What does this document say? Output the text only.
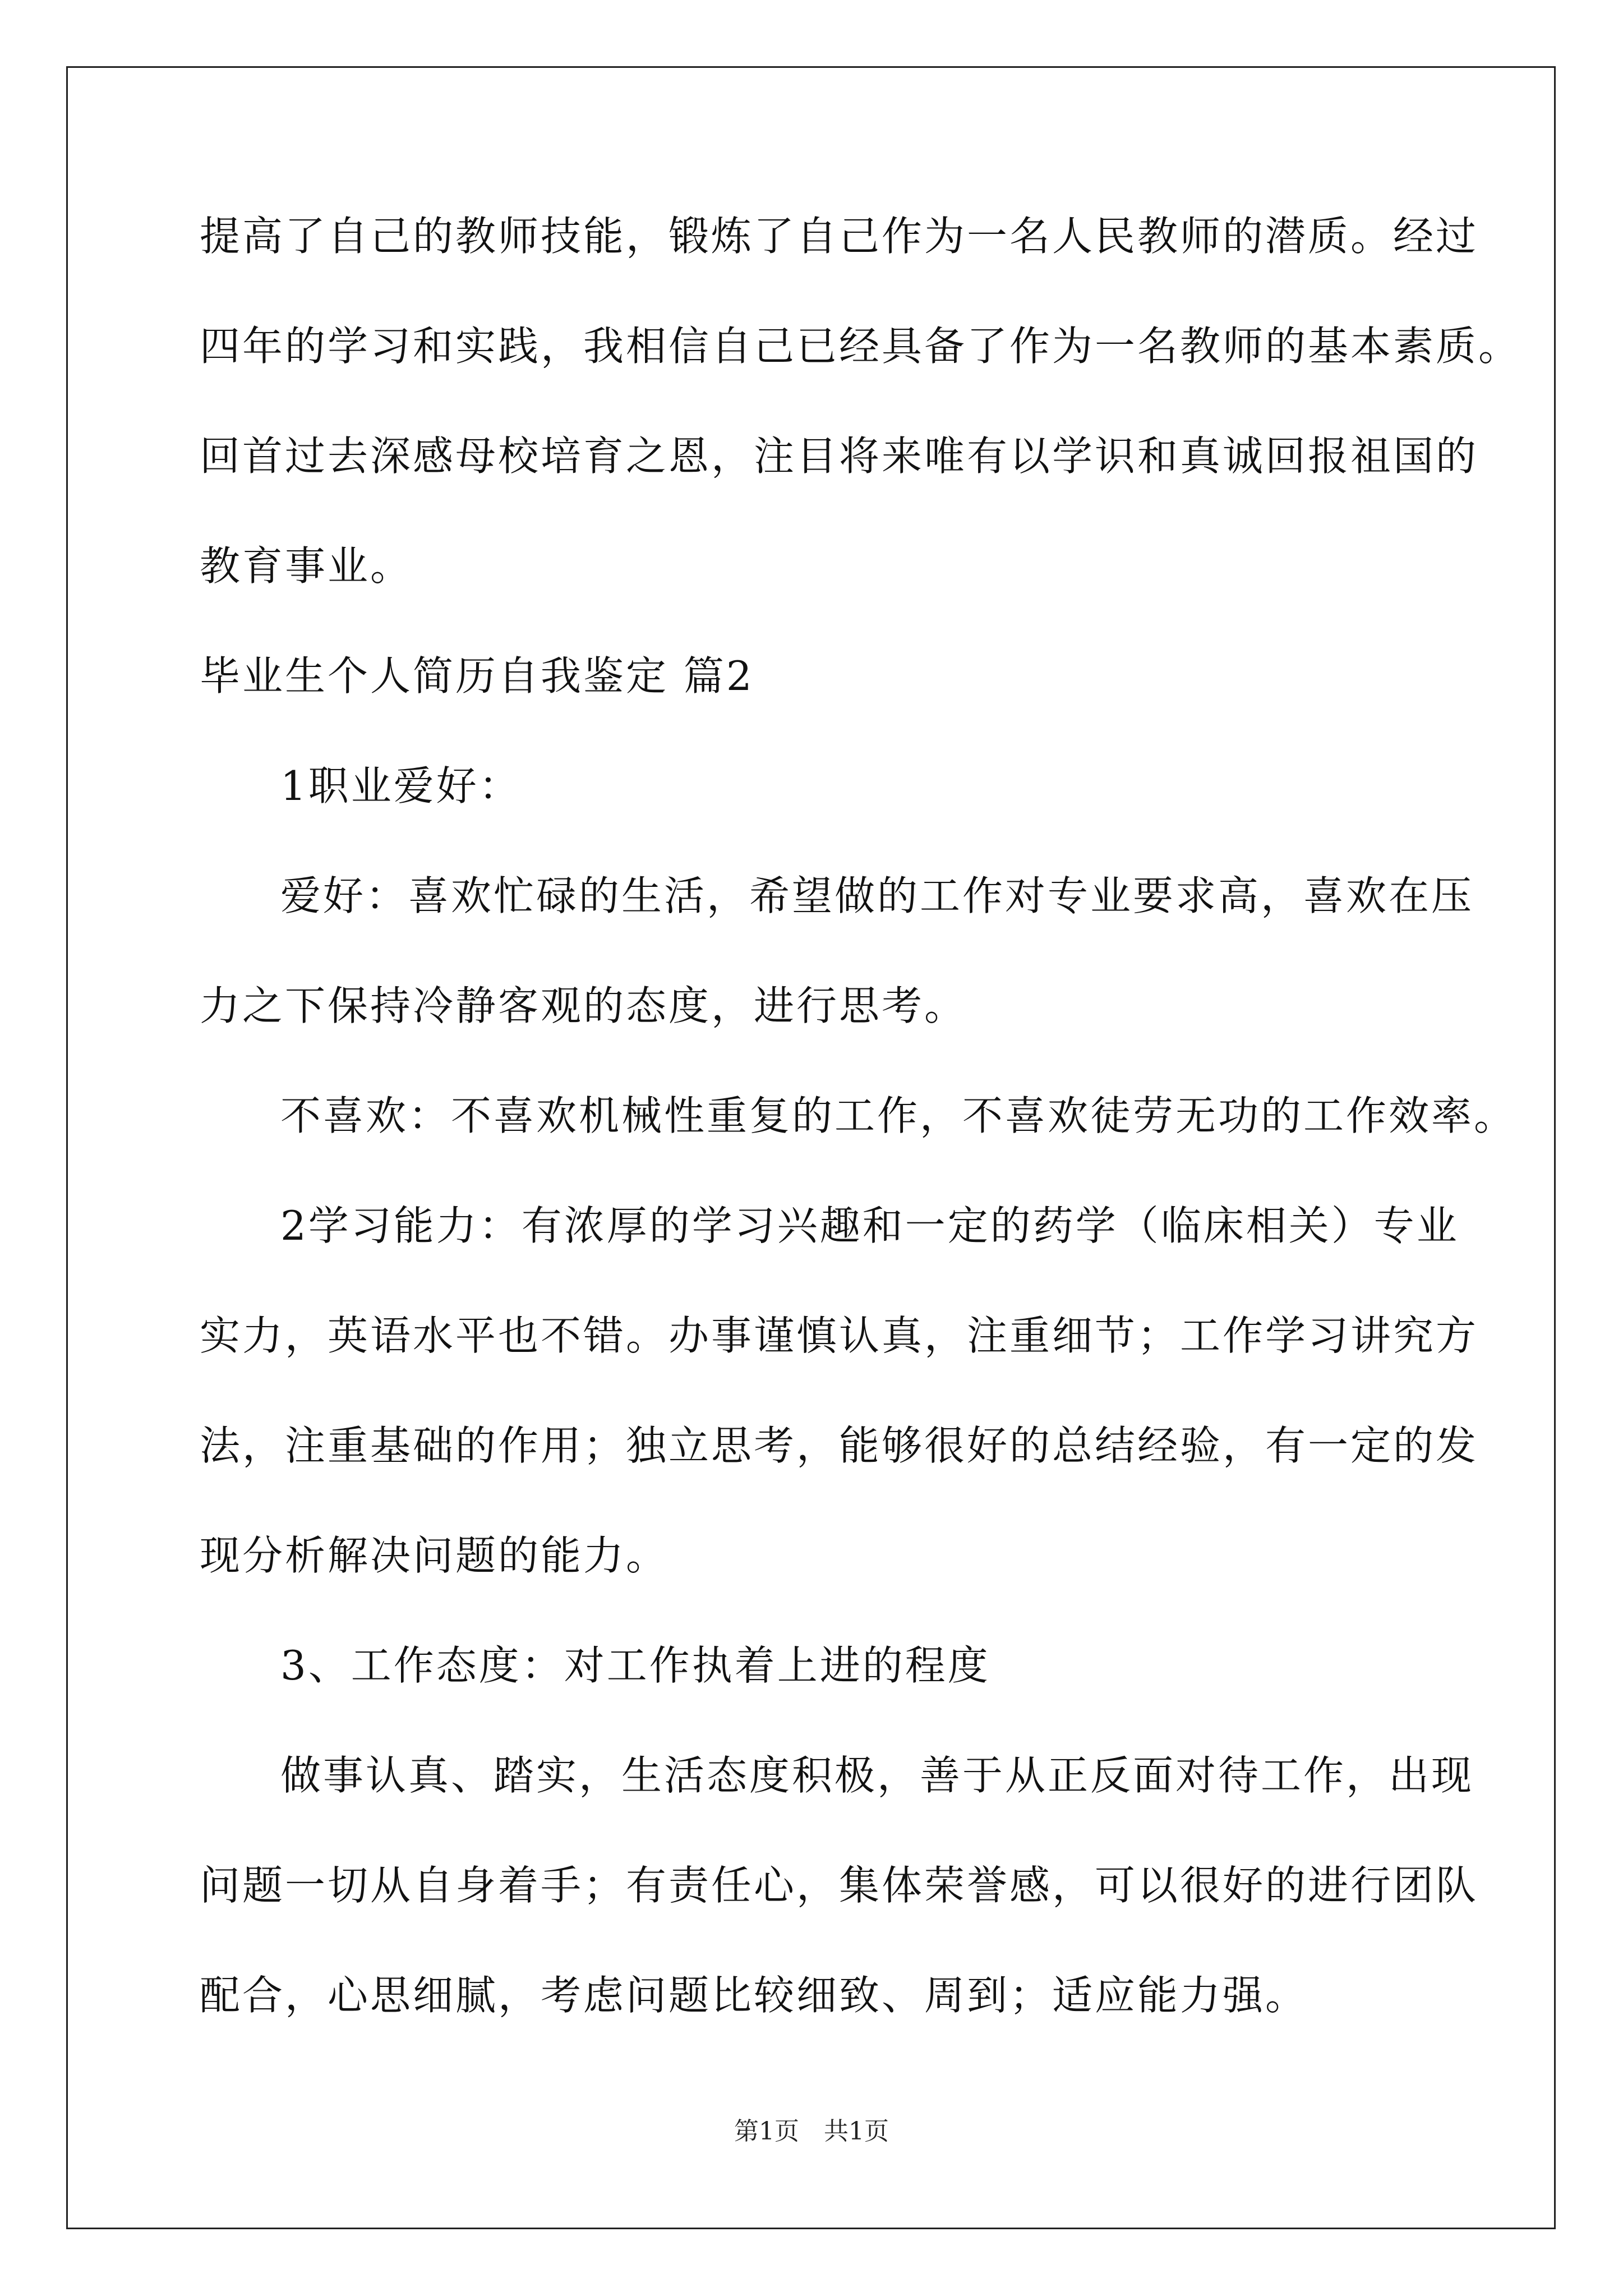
提高了自己的教师技能，锻炼了自己作为一名人民教师的潜质。经过
四年的学习和实践，我相信自己已经具备了作为一名教师的基本素质。
回首过去深感母校培育之恩，注目将来唯有以学识和真诚回报祖国的
教育事业。
毕业生个人简历自我鉴定 篇2
1职业爱好：
爱好：喜欢忙碌的生活，希望做的工作对专业要求高，喜欢在压
力之下保持冷静客观的态度，进行思考。
不喜欢：不喜欢机械性重复的工作，不喜欢徒劳无功的工作效率。
2学习能力：有浓厚的学习兴趣和一定的药学（临床相关）专业
实力，英语水平也不错。办事谨慎认真，注重细节；工作学习讲究方
法，注重基础的作用；独立思考，能够很好的总结经验，有一定的发
现分析解决问题的能力。
3、工作态度：对工作执着上进的程度
做事认真、踏实，生活态度积极，善于从正反面对待工作，出现
问题一切从自身着手；有责任心，集体荣誉感，可以很好的进行团队
配合，心思细腻，考虑问题比较细致、周到；适应能力强。
第1页　共1页
